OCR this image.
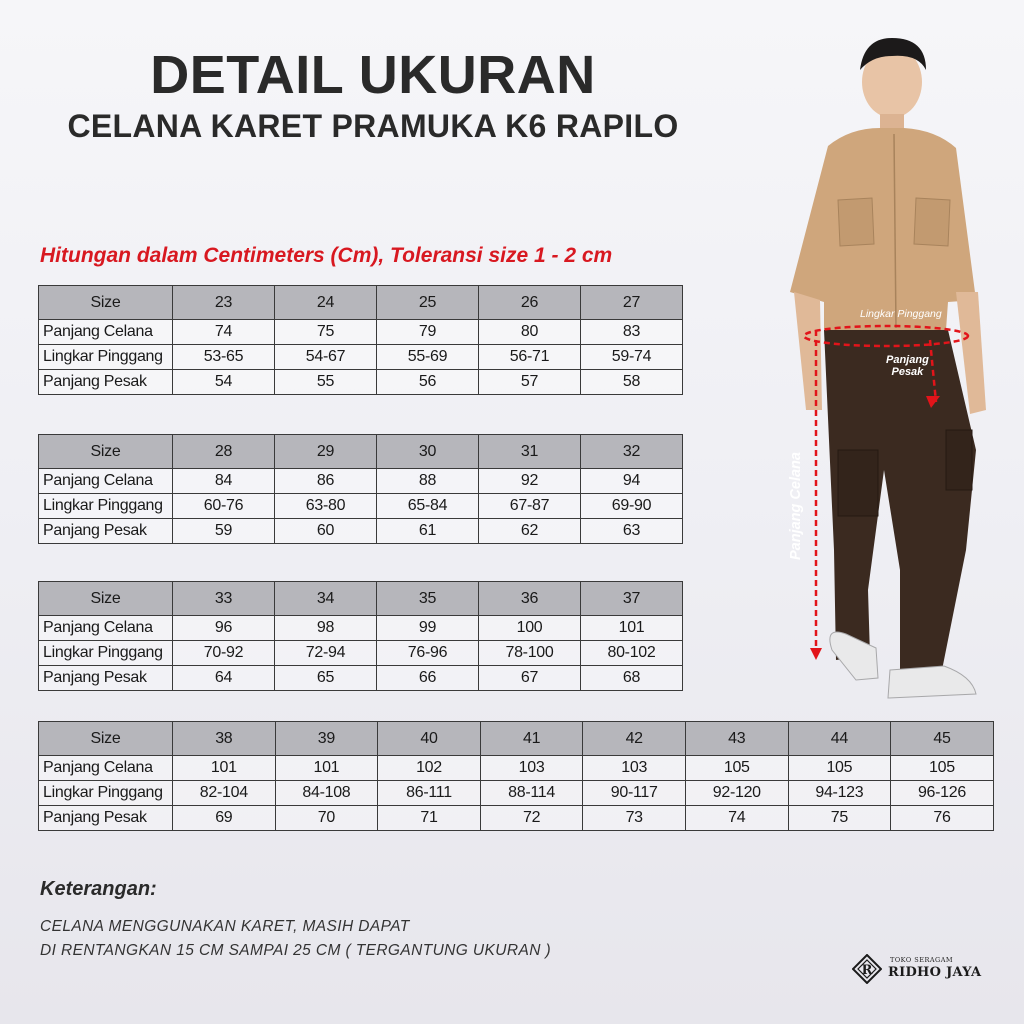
DETAIL UKURAN
CELANA KARET PRAMUKA K6 RAPILO
Hitungan dalam Centimeters (Cm), Toleransi size 1 - 2 cm
Size	23	24	25	26	27
Panjang Celana	74	75	79	80	83
Lingkar Pinggang	53-65	54-67	55-69	56-71	59-74
Panjang Pesak	54	55	56	57	58
Size	28	29	30	31	32
Panjang Celana	84	86	88	92	94
Lingkar Pinggang	60-76	63-80	65-84	67-87	69-90
Panjang Pesak	59	60	61	62	63
Size	33	34	35	36	37
Panjang Celana	96	98	99	100	101
Lingkar Pinggang	70-92	72-94	76-96	78-100	80-102
Panjang Pesak	64	65	66	67	68
Size	38	39	40	41	42	43	44	45
Panjang Celana	101	101	102	103	103	105	105	105
Lingkar Pinggang	82-104	84-108	86-111	88-114	90-117	92-120	94-123	96-126
Panjang Pesak	69	70	71	72	73	74	75	76
Lingkar Pinggang
Panjang
Pesak
Panjang Celana
Keterangan:
CELANA MENGGUNAKAN KARET, MASIH DAPAT
DI RENTANGKAN 15 CM SAMPAI 25 CM ( TERGANTUNG UKURAN )
R
TOKO SERAGAM
RIDHO JAYA
